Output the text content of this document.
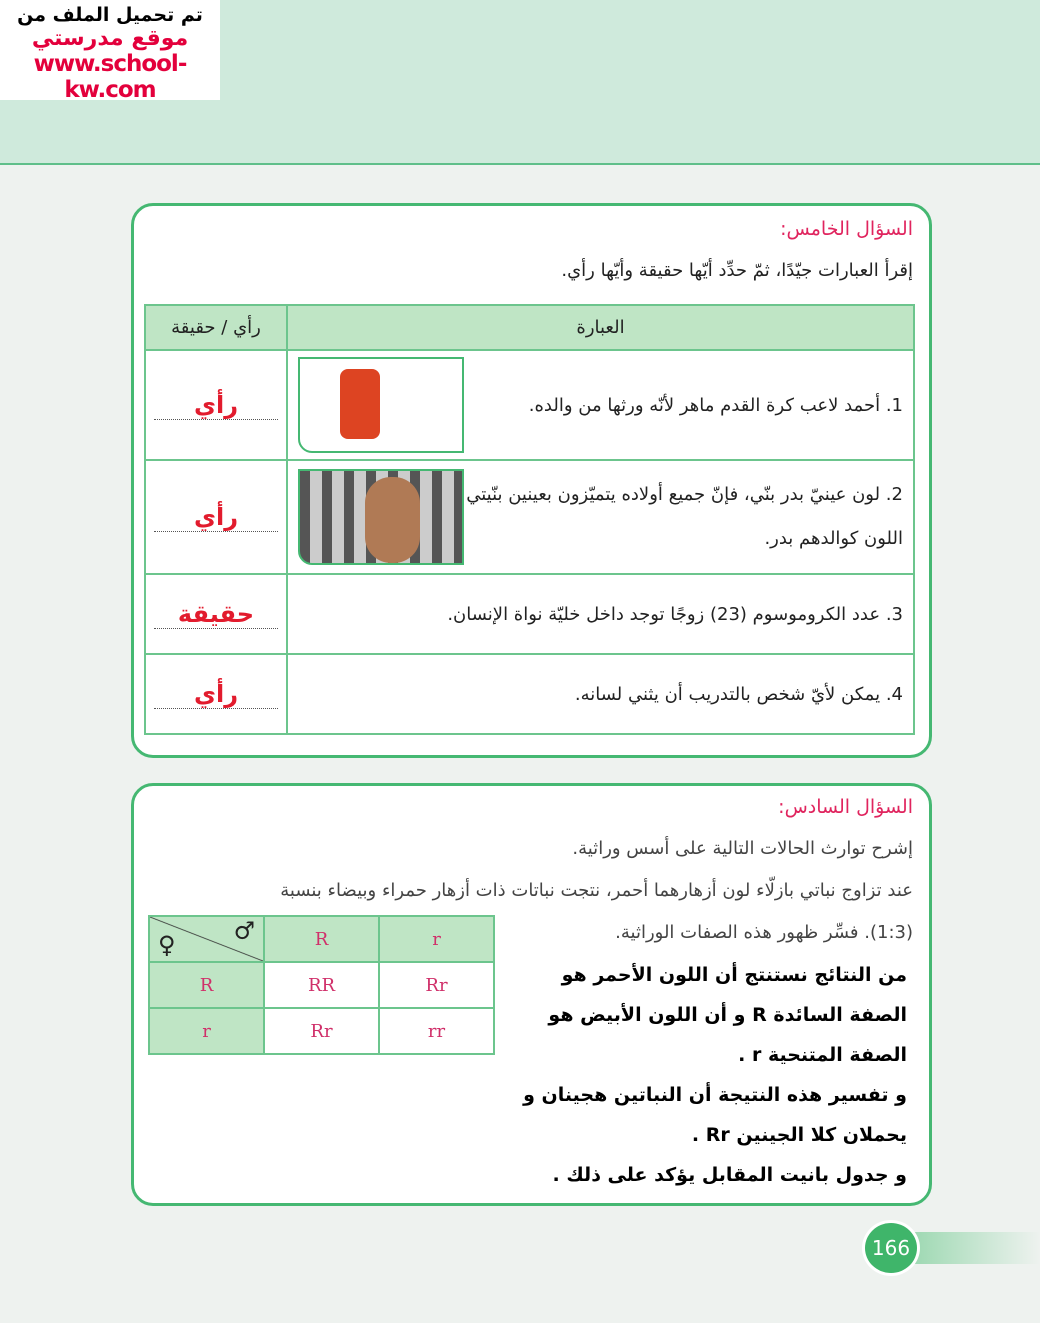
تم تحميل الملف من
موقع مدرستي
www.school-kw.com
السؤال الخامس:
إقرأ العبارات جيّدًا، ثمّ حدِّد أيّها حقيقة وأيّها رأي.
العبارة	رأي / حقيقة

1. أحمد لاعب كرة القدم ماهر لأنّه ورثها من والده.	رأي

2. لون عينيّ بدر بنّي، فإنّ جميع أولاده يتميّزون بعينين بنّيتي اللون كوالدهم بدر.	رأي

3. عدد الكروموسوم (23) زوجًا توجد داخل خليّة نواة الإنسان.	حقيقة

4. يمكن لأيّ شخص بالتدريب أن يثني لسانه.	رأي
السؤال السادس:
إشرح توارث الحالات التالية على أسس وراثية.
عند تزاوج نباتي بازلّاء لون أزهارهما أحمر، نتجت نباتات ذات أزهار حمراء وبيضاء بنسبة
(1:3). فسِّر ظهور هذه الصفات الوراثية.
من النتائج نستنتج أن اللون الأحمر هو
الصفة السائدة R و أن اللون الأبيض هو
الصفة المتنحية r .
و تفسير هذه النتيجة أن النباتين هجينان و
يحملان كلا الجينين Rr .
و جدول بانيت المقابل يؤكد على ذلك .
♀ ♂	R	r
R	RR	Rr
r	Rr	rr
166
